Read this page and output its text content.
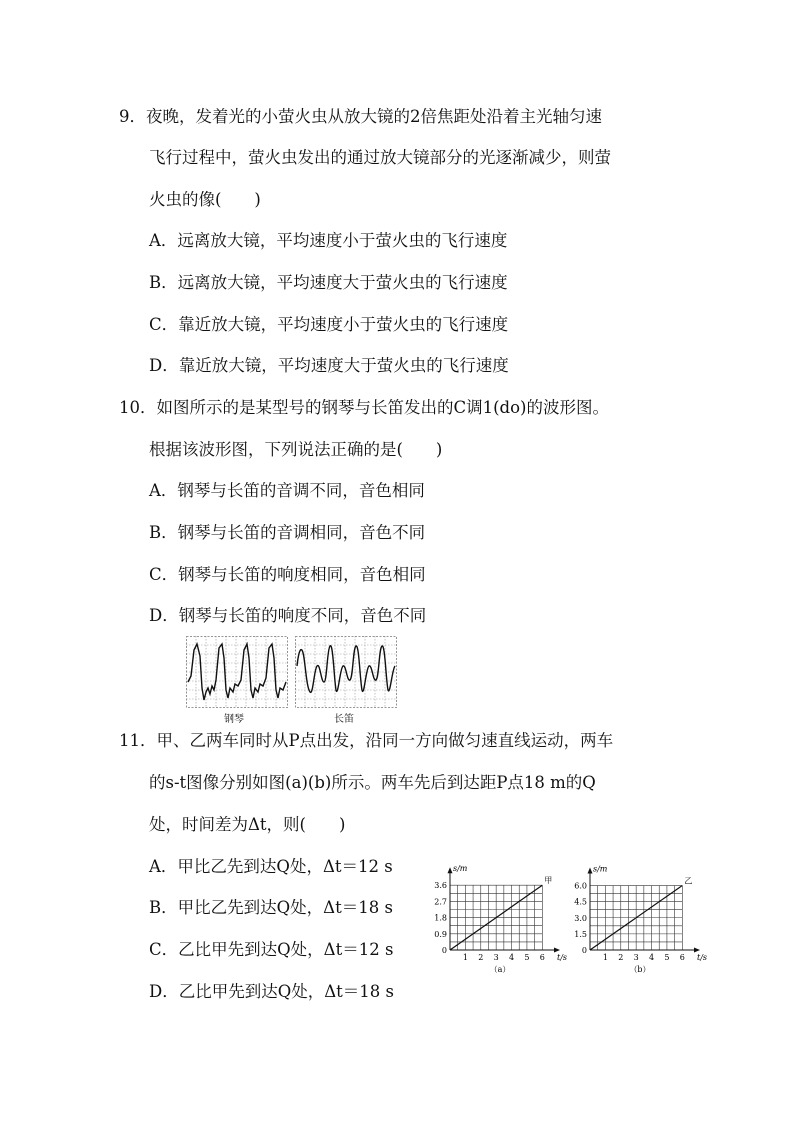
9．夜晚，发着光的小萤火虫从放大镜的2倍焦距处沿着主光轴匀速
飞行过程中，萤火虫发出的通过放大镜部分的光逐渐减少，则萤
火虫的像(　　)
A．远离放大镜，平均速度小于萤火虫的飞行速度
B．远离放大镜，平均速度大于萤火虫的飞行速度
C．靠近放大镜，平均速度小于萤火虫的飞行速度
D．靠近放大镜，平均速度大于萤火虫的飞行速度
10．如图所示的是某型号的钢琴与长笛发出的C调1(do)的波形图。
根据该波形图，下列说法正确的是(　　)
A．钢琴与长笛的音调不同，音色相同
B．钢琴与长笛的音调相同，音色不同
C．钢琴与长笛的响度相同，音色相同
D．钢琴与长笛的响度不同，音色不同
钢琴	长笛
11．甲、乙两车同时从P点出发，沿同一方向做匀速直线运动，两车
的s-t图像分别如图(a)(b)所示。两车先后到达距P点18 m的Q
处，时间差为Δt，则(　　)
A．甲比乙先到达Q处，Δt＝12 s
B．甲比乙先到达Q处，Δt＝18 s
C．乙比甲先到达Q处，Δt＝12 s
D．乙比甲先到达Q处，Δt＝18 s
1 2 3 4 5 6
0.9
1.8
2.7
3.6
0
t/s
s/m
（a）
甲
1 2 3 4 5 6
1.5
3.0
4.5
6.0
0
t/s
s/m
（b）
乙
